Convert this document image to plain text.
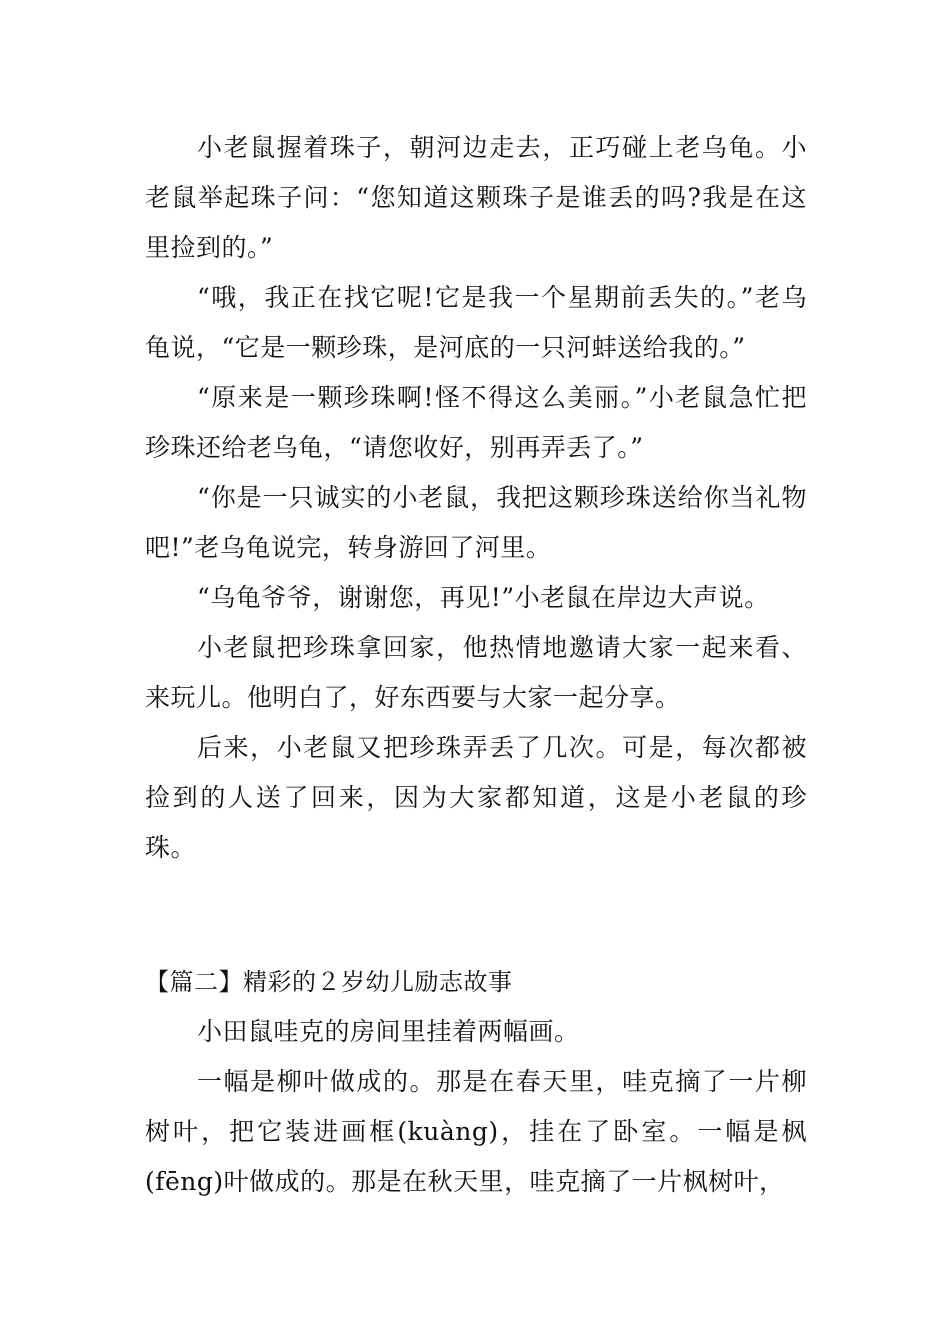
小老鼠握着珠子，朝河边走去，正巧碰上老乌龟。小老鼠举起珠子问：“您知道这颗珠子是谁丢的吗?我是在这里捡到的。”

“哦，我正在找它呢!它是我一个星期前丢失的。”老乌龟说，“它是一颗珍珠，是河底的一只河蚌送给我的。”

“原来是一颗珍珠啊!怪不得这么美丽。”小老鼠急忙把珍珠还给老乌龟，“请您收好，别再弄丢了。”

“你是一只诚实的小老鼠，我把这颗珍珠送给你当礼物吧!”老乌龟说完，转身游回了河里。

“乌龟爷爷，谢谢您，再见!”小老鼠在岸边大声说。

小老鼠把珍珠拿回家，他热情地邀请大家一起来看、来玩儿。他明白了，好东西要与大家一起分享。

后来，小老鼠又把珍珠弄丢了几次。可是，每次都被捡到的人送了回来，因为大家都知道，这是小老鼠的珍珠。

【篇二】精彩的２岁幼儿励志故事

小田鼠哇克的房间里挂着两幅画。

一幅是柳叶做成的。那是在春天里，哇克摘了一片柳树叶，把它装进画框(kuàng)，挂在了卧室。一幅是枫(fēng)叶做成的。那是在秋天里，哇克摘了一片枫树叶，
